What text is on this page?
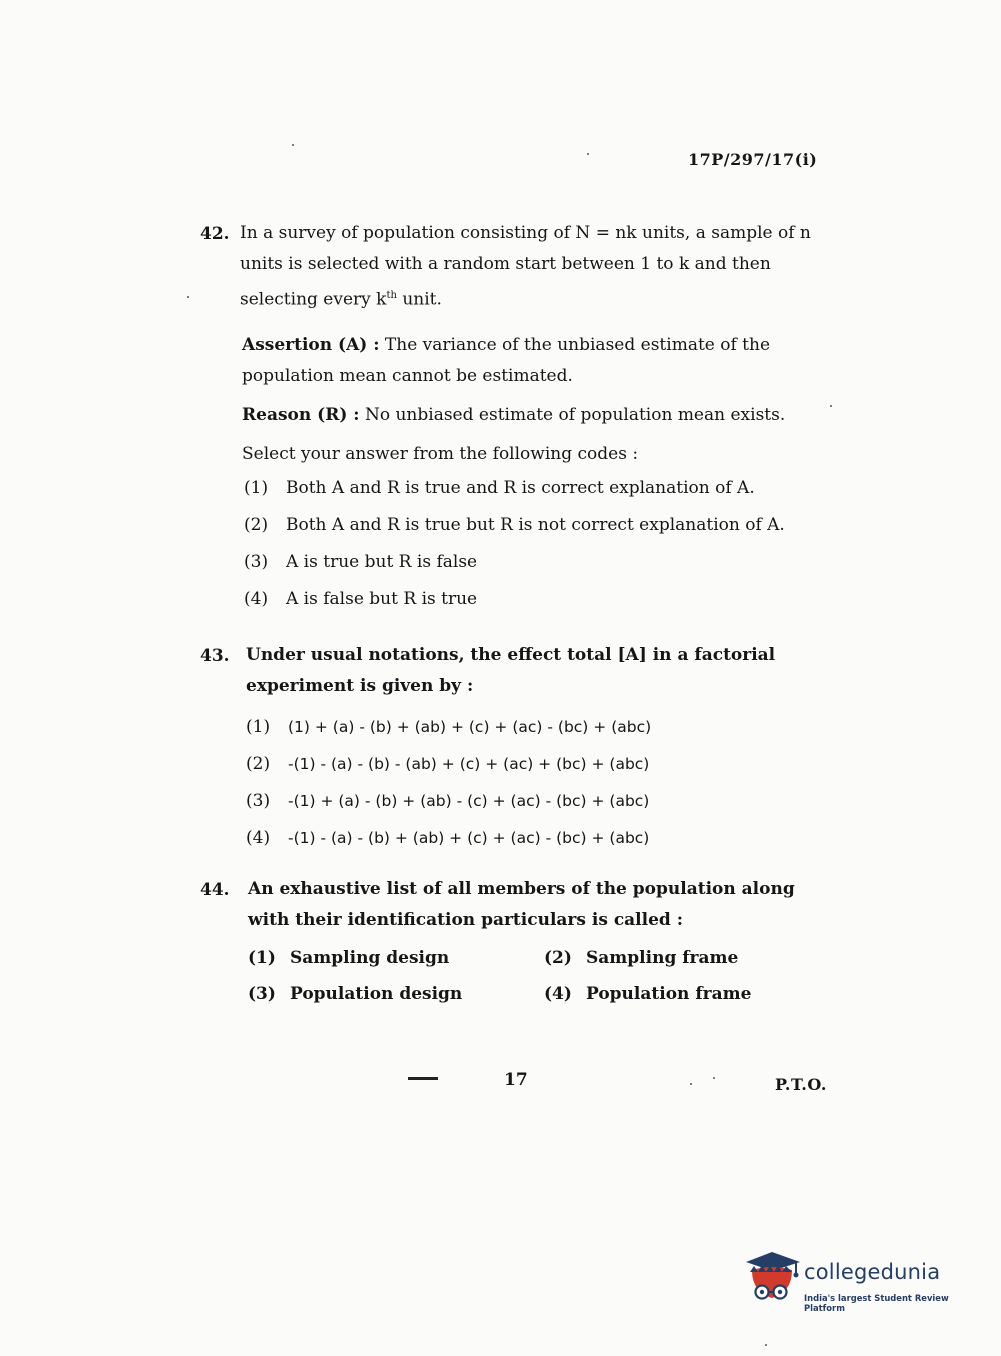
17P/297/17(i)
42. In a survey of population consisting of N = nk units, a sample of n units is selected with a random start between 1 to k and then selecting every $k^{th}$ unit.
Assertion (A) : The variance of the unbiased estimate of the population mean cannot be estimated.
Reason (R) : No unbiased estimate of population mean exists.
Select your answer from the following codes :
(1)	Both A and R is true and R is correct explanation of A.
(2)	Both A and R is true but R is not correct explanation of A.
(3)	A is true but R is false
(4)	A is false but R is true
43. Under usual notations, the effect total [A] in a factorial experiment is given by :
(1)	(1) + (a) - (b) + (ab) + (c) + (ac) - (bc) + (abc)
(2)	-(1) - (a) - (b) - (ab) + (c) + (ac) + (bc) + (abc)
(3)	-(1) + (a) - (b) + (ab) - (c) + (ac) - (bc) + (abc)
(4)	-(1) - (a) - (b) + (ab) + (c) + (ac) - (bc) + (abc)
44. An exhaustive list of all members of the population along with their identification particulars is called :
(1) Sampling design	(2) Sampling frame
(3) Population design	(4) Population frame
17	P.T.O.
collegedunia
India's largest Student Review Platform
